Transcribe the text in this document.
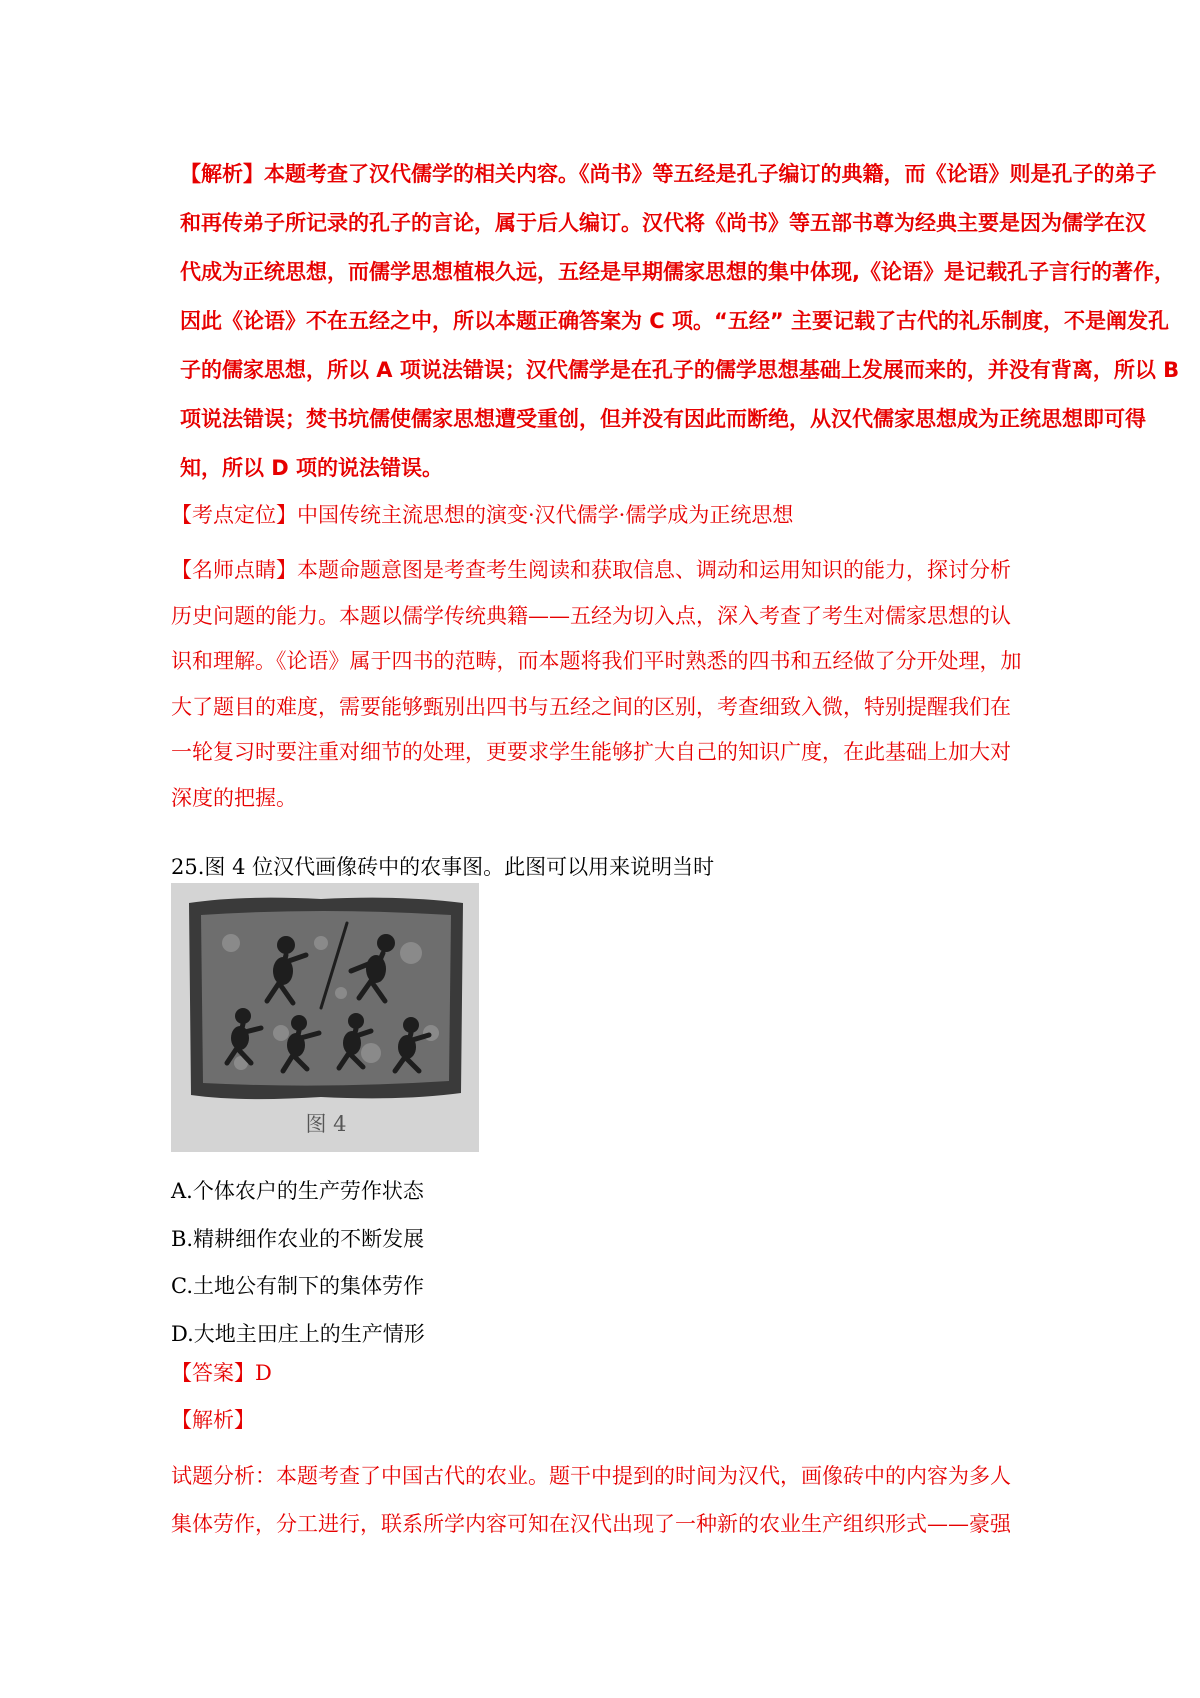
【解析】本题考查了汉代儒学的相关内容。《尚书》等五经是孔子编订的典籍，而《论语》则是孔子的弟子
和再传弟子所记录的孔子的言论，属于后人编订。汉代将《尚书》等五部书尊为经典主要是因为儒学在汉
代成为正统思想，而儒学思想植根久远，五经是早期儒家思想的集中体现,《论语》是记载孔子言行的著作，
因此《论语》不在五经之中，所以本题正确答案为 C 项。“五经” 主要记载了古代的礼乐制度，不是阐发孔
子的儒家思想，所以 A 项说法错误；汉代儒学是在孔子的儒学思想基础上发展而来的，并没有背离，所以 B
项说法错误；焚书坑儒使儒家思想遭受重创，但并没有因此而断绝，从汉代儒家思想成为正统思想即可得
知，所以 D 项的说法错误。
【考点定位】中国传统主流思想的演变·汉代儒学·儒学成为正统思想
【名师点睛】本题命题意图是考查考生阅读和获取信息、调动和运用知识的能力，探讨分析
历史问题的能力。本题以儒学传统典籍——五经为切入点，深入考查了考生对儒家思想的认
识和理解。《论语》属于四书的范畴，而本题将我们平时熟悉的四书和五经做了分开处理，加
大了题目的难度，需要能够甄别出四书与五经之间的区别，考查细致入微，特别提醒我们在
一轮复习时要注重对细节的处理，更要求学生能够扩大自己的知识广度，在此基础上加大对
深度的把握。
25.图 4 位汉代画像砖中的农事图。此图可以用来说明当时
图 4
A.个体农户的生产劳作状态
B.精耕细作农业的不断发展
C.土地公有制下的集体劳作
D.大地主田庄上的生产情形
【答案】D
【解析】
试题分析：本题考查了中国古代的农业。题干中提到的时间为汉代，画像砖中的内容为多人
集体劳作，分工进行，联系所学内容可知在汉代出现了一种新的农业生产组织形式——豪强
